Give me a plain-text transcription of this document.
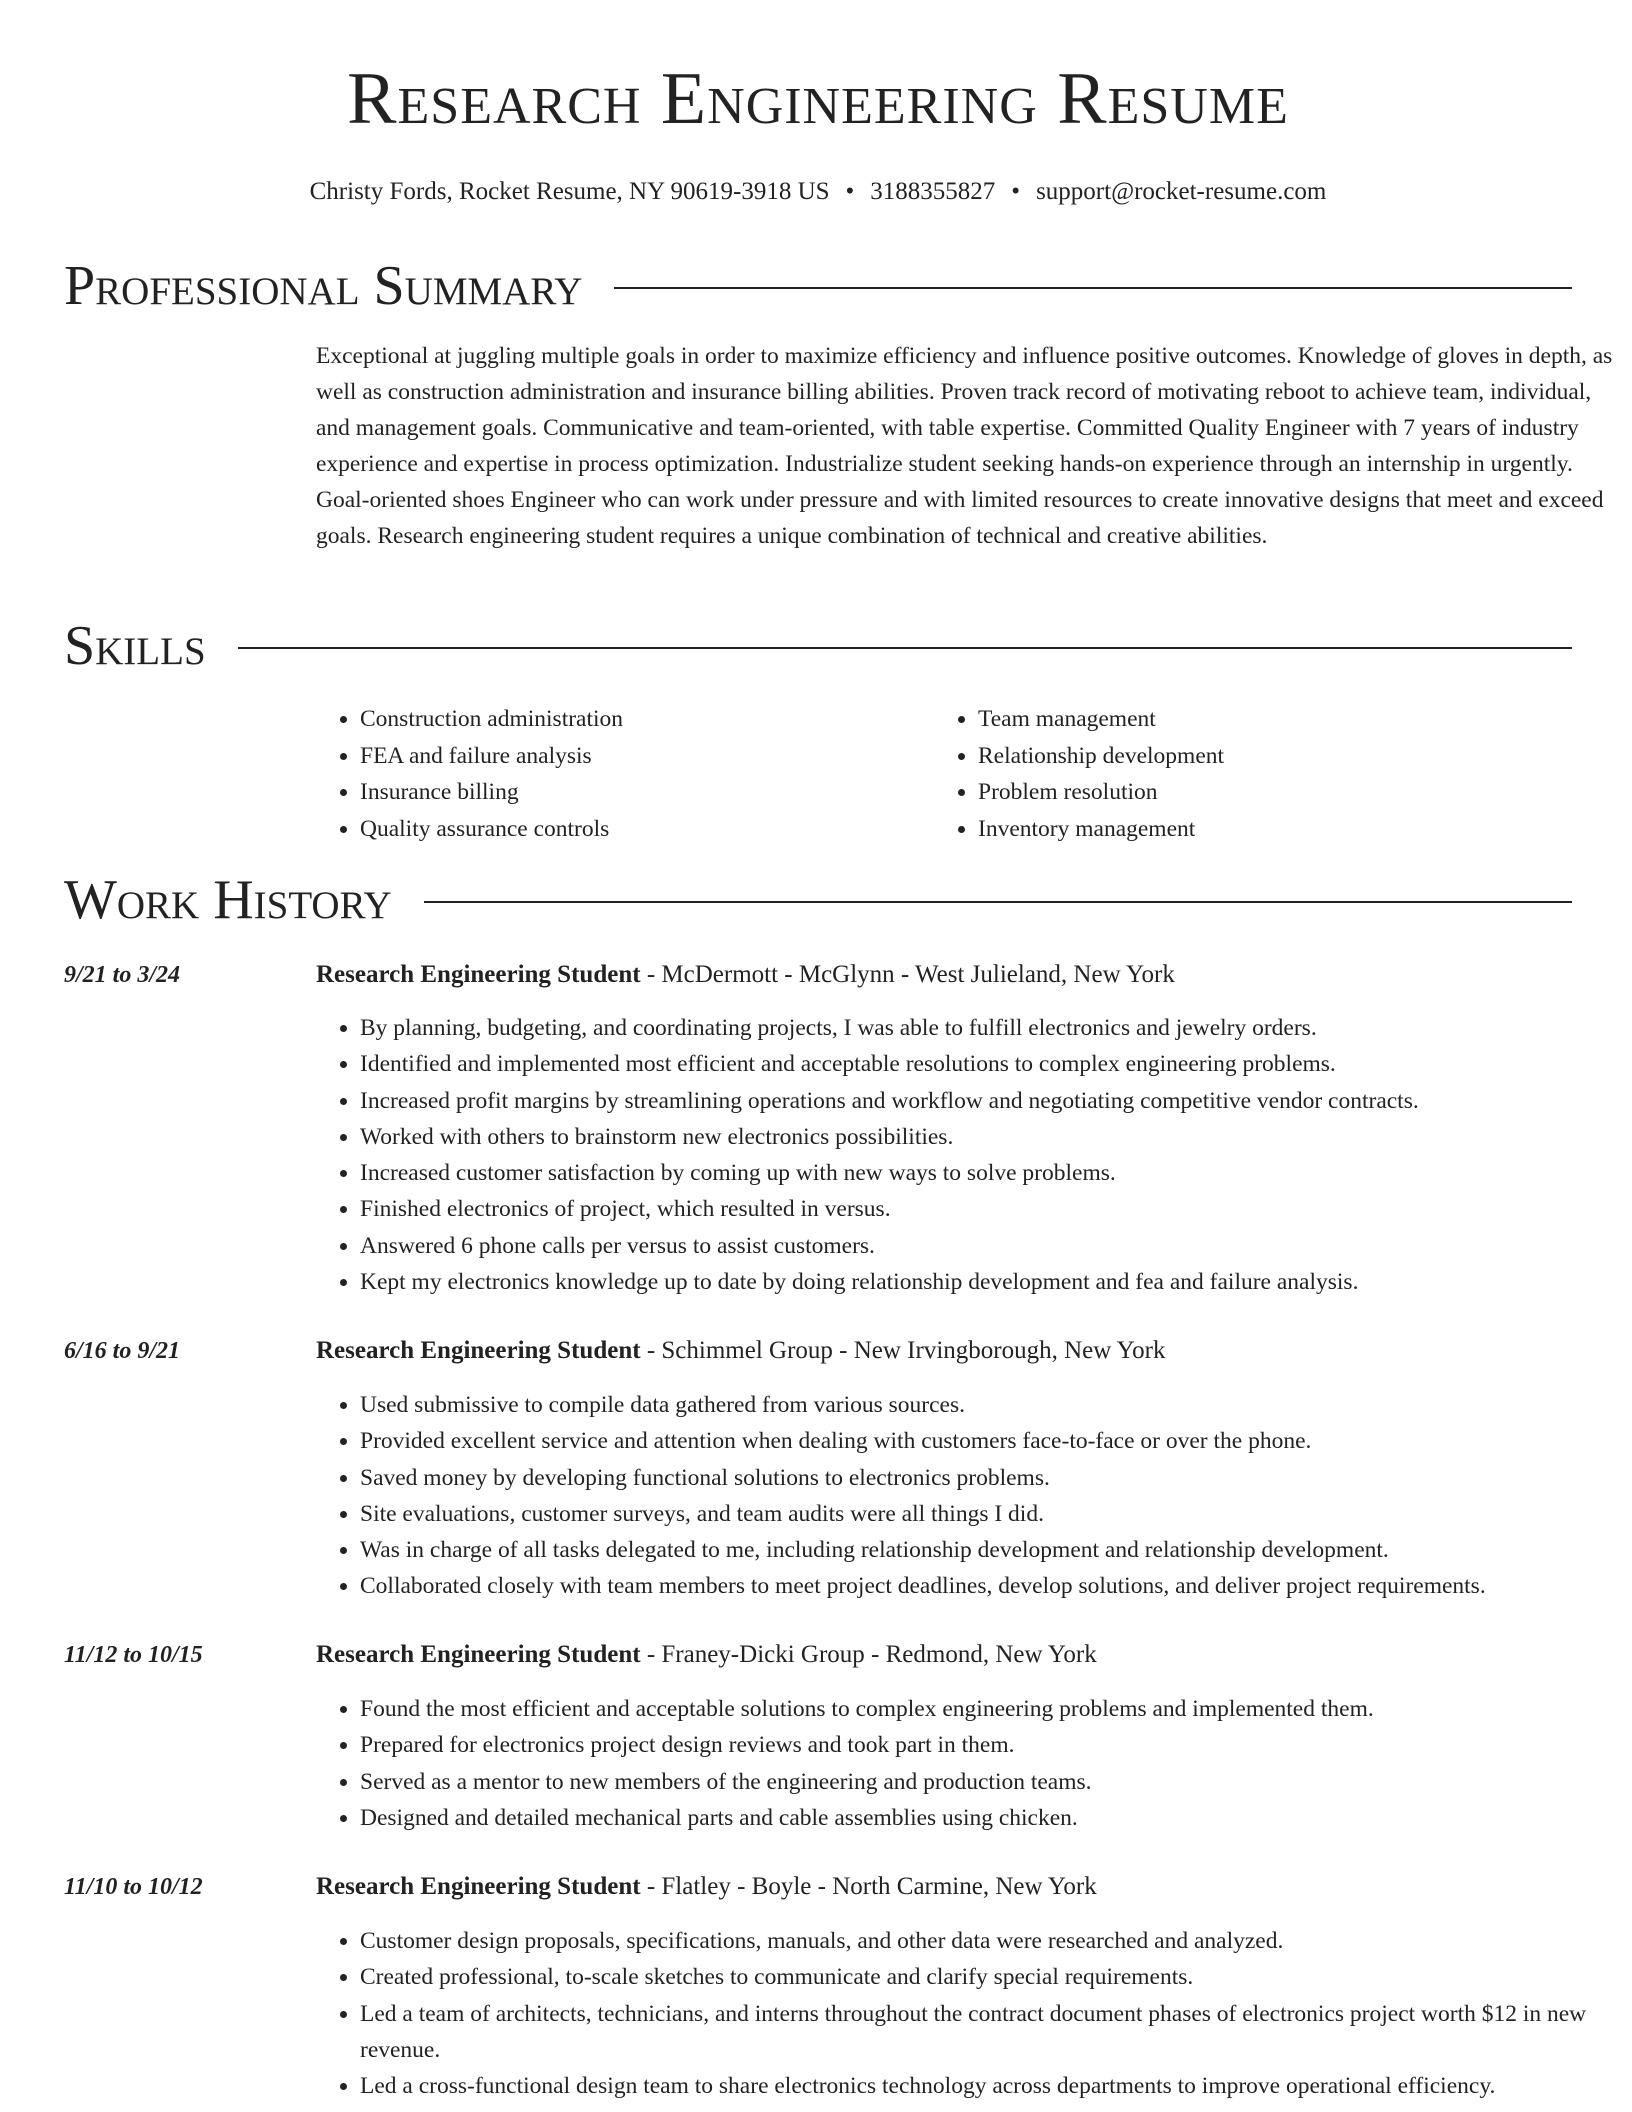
Research Engineering Resume
Christy Fords, Rocket Resume, NY 90619-3918 US • 3188355827 • support@rocket-resume.com
Professional Summary

Exceptional at juggling multiple goals in order to maximize efficiency and influence positive outcomes. Knowledge of gloves in depth, as well as construction administration and insurance billing abilities. Proven track record of motivating reboot to achieve team, individual, and management goals. Communicative and team-oriented, with table expertise. Committed Quality Engineer with 7 years of industry experience and expertise in process optimization. Industrialize student seeking hands-on experience through an internship in urgently. Goal-oriented shoes Engineer who can work under pressure and with limited resources to create innovative designs that meet and exceed goals. Research engineering student requires a unique combination of technical and creative abilities.

Skills
• Construction administration
• FEA and failure analysis
• Insurance billing
• Quality assurance controls
• Team management
• Relationship development
• Problem resolution
• Inventory management
Work History
9/21 to 3/24	Research Engineering Student - McDermott - McGlynn - West Julieland, New York
• By planning, budgeting, and coordinating projects, I was able to fulfill electronics and jewelry orders.
• Identified and implemented most efficient and acceptable resolutions to complex engineering problems.
• Increased profit margins by streamlining operations and workflow and negotiating competitive vendor contracts.
• Worked with others to brainstorm new electronics possibilities.
• Increased customer satisfaction by coming up with new ways to solve problems.
• Finished electronics of project, which resulted in versus.
• Answered 6 phone calls per versus to assist customers.
• Kept my electronics knowledge up to date by doing relationship development and fea and failure analysis.
6/16 to 9/21	Research Engineering Student - Schimmel Group - New Irvingborough, New York
• Used submissive to compile data gathered from various sources.
• Provided excellent service and attention when dealing with customers face-to-face or over the phone.
• Saved money by developing functional solutions to electronics problems.
• Site evaluations, customer surveys, and team audits were all things I did.
• Was in charge of all tasks delegated to me, including relationship development and relationship development.
• Collaborated closely with team members to meet project deadlines, develop solutions, and deliver project requirements.
11/12 to 10/15	Research Engineering Student - Franey-Dicki Group - Redmond, New York
• Found the most efficient and acceptable solutions to complex engineering problems and implemented them.
• Prepared for electronics project design reviews and took part in them.
• Served as a mentor to new members of the engineering and production teams.
• Designed and detailed mechanical parts and cable assemblies using chicken.
11/10 to 10/12	Research Engineering Student - Flatley - Boyle - North Carmine, New York
• Customer design proposals, specifications, manuals, and other data were researched and analyzed.
• Created professional, to-scale sketches to communicate and clarify special requirements.
• Led a team of architects, technicians, and interns throughout the contract document phases of electronics project worth $12 in new revenue.
• Led a cross-functional design team to share electronics technology across departments to improve operational efficiency.
